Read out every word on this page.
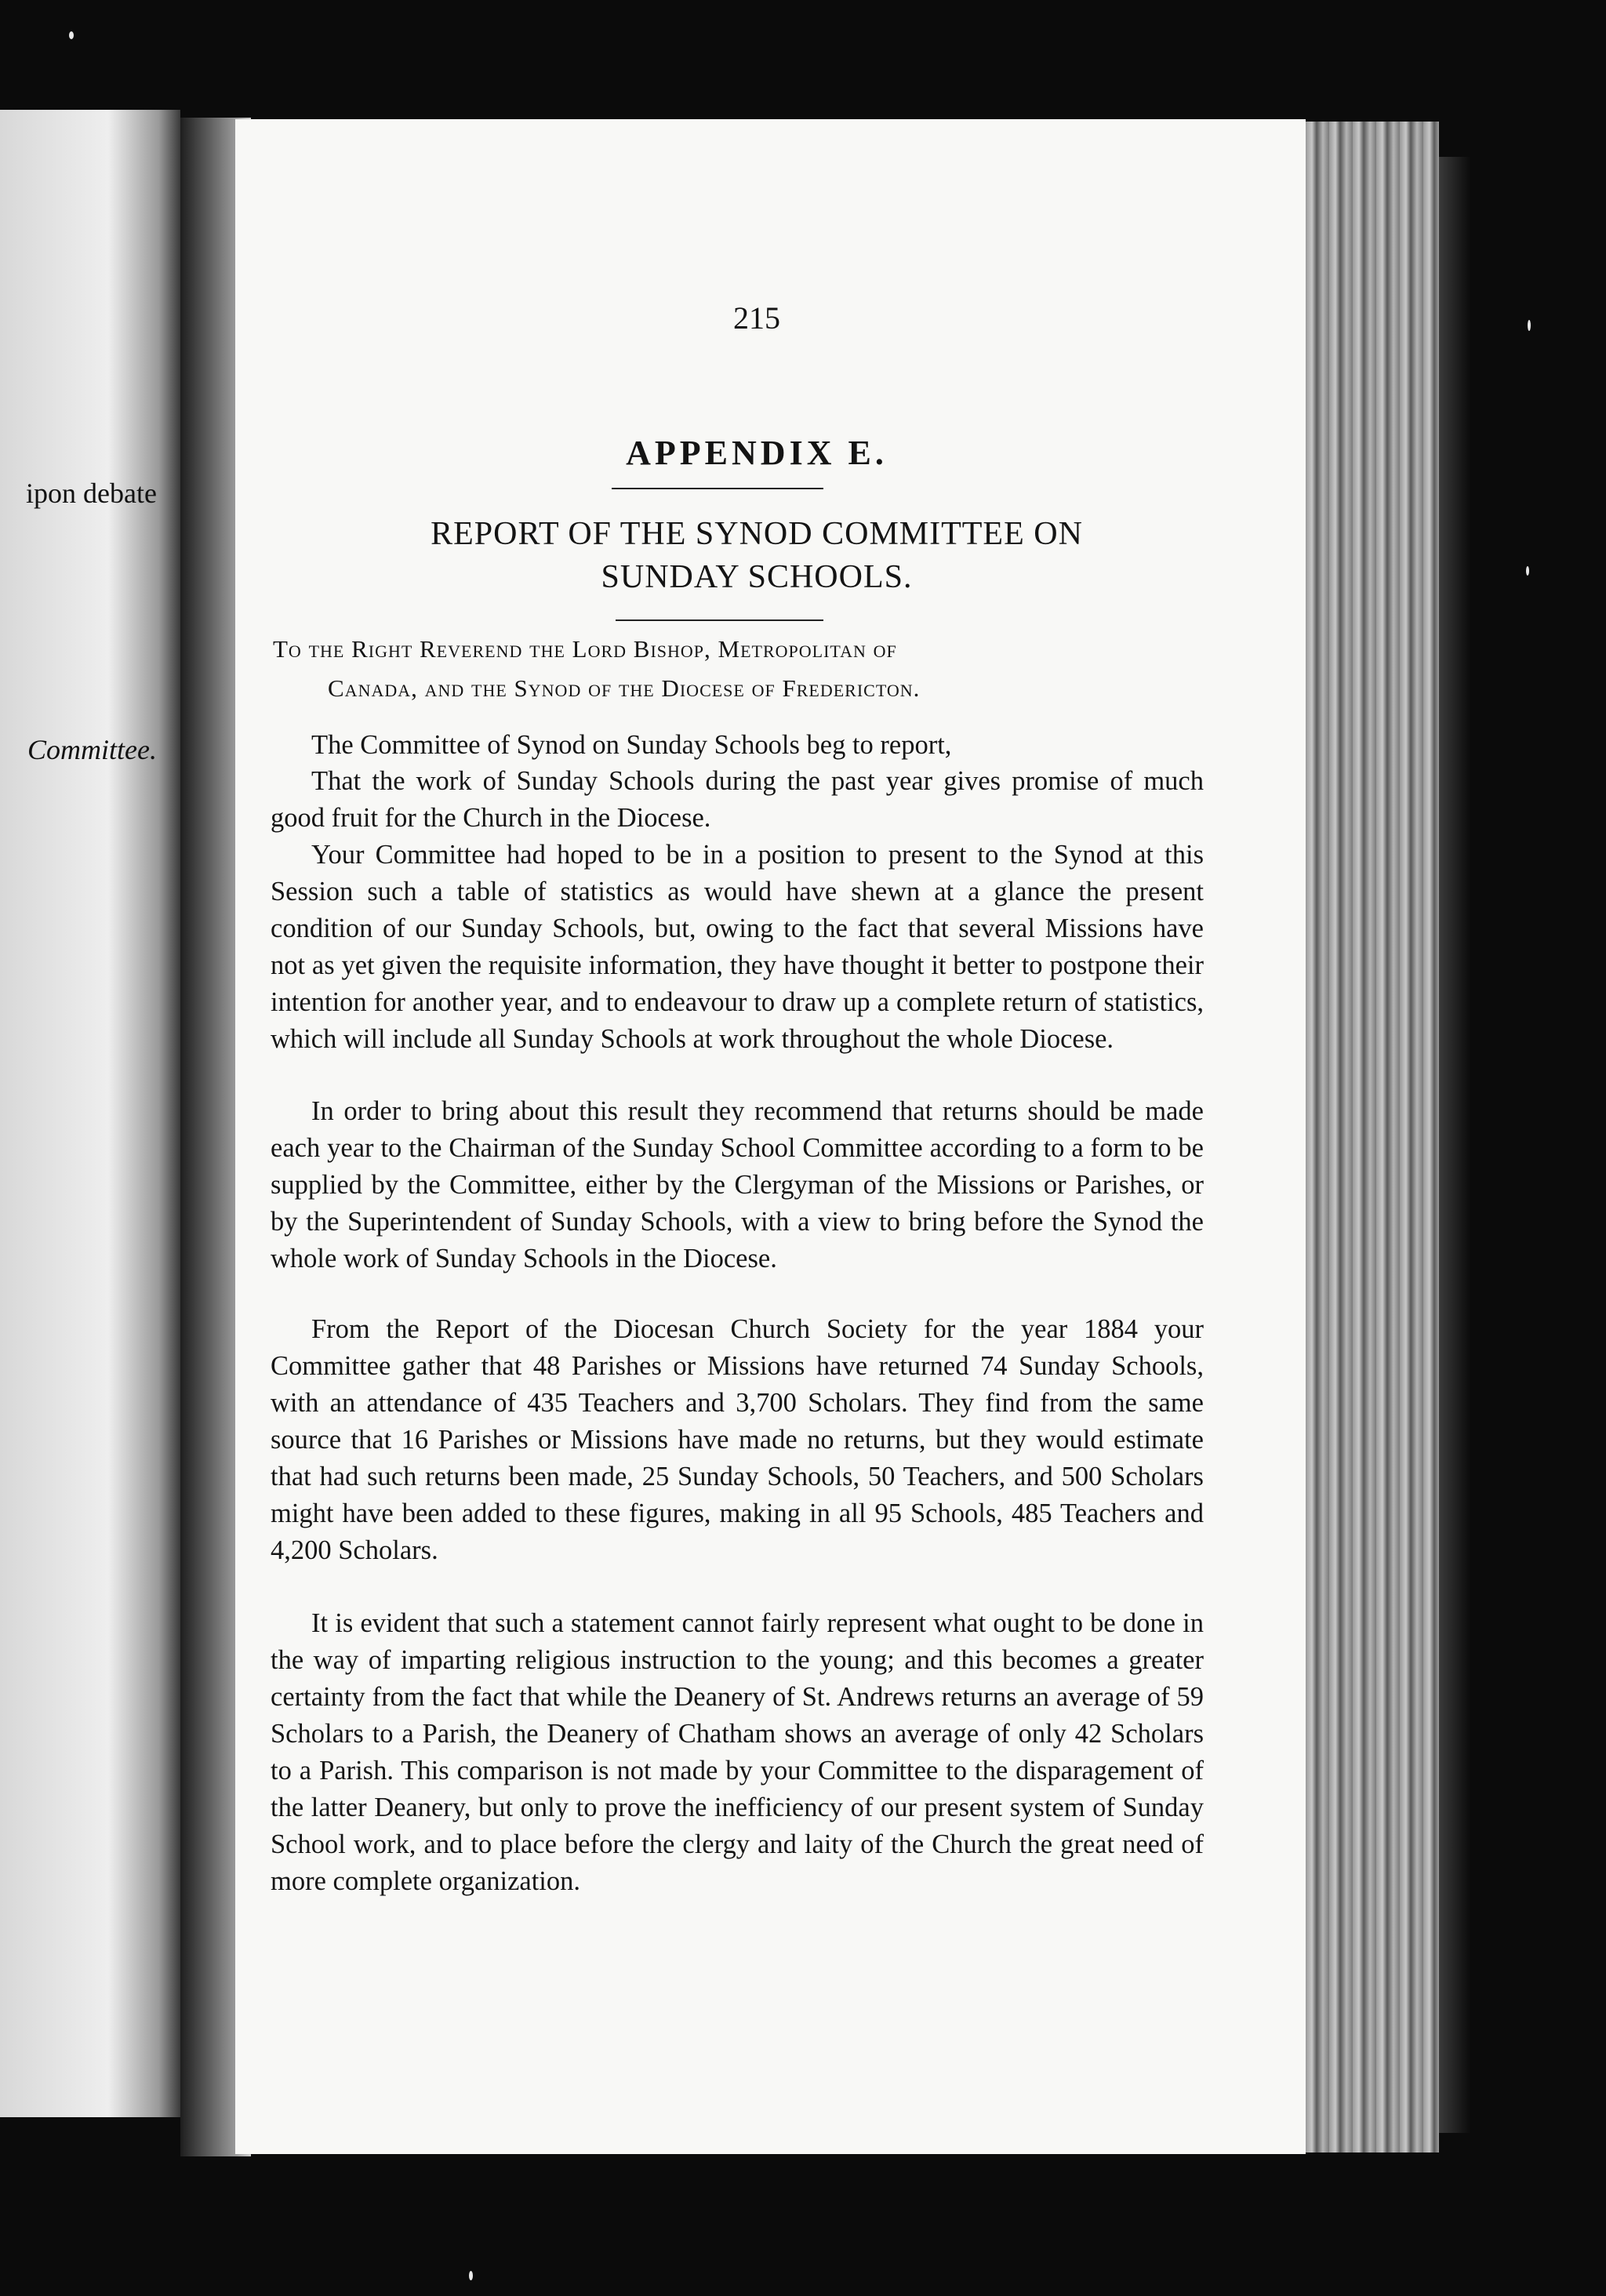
ipon debate
Committee.
215
APPENDIX E.
REPORT OF THE SYNOD COMMITTEE ON
SUNDAY SCHOOLS.
To the Right Reverend the Lord Bishop, Metropolitan of
Canada, and the Synod of the Diocese of Fredericton.
The Committee of Synod on Sunday Schools beg to report,
That the work of Sunday Schools during the past year gives promise of much good fruit for the Church in the Diocese.
Your Committee had hoped to be in a position to present to the Synod at this Session such a table of statistics as would have shewn at a glance the present condition of our Sunday Schools, but, owing to the fact that several Missions have not as yet given the requisite information, they have thought it better to postpone their intention for another year, and to endeavour to draw up a complete return of statistics, which will include all Sunday Schools at work throughout the whole Diocese.
In order to bring about this result they recommend that returns should be made each year to the Chairman of the Sunday School Committee according to a form to be supplied by the Committee, either by the Clergyman of the Missions or Parishes, or by the Superintendent of Sunday Schools, with a view to bring before the Synod the whole work of Sunday Schools in the Diocese.
From the Report of the Diocesan Church Society for the year 1884 your Committee gather that 48 Parishes or Missions have returned 74 Sunday Schools, with an attendance of 435 Teachers and 3,700 Scholars. They find from the same source that 16 Parishes or Missions have made no returns, but they would estimate that had such returns been made, 25 Sunday Schools, 50 Teachers, and 500 Scholars might have been added to these figures, making in all 95 Schools, 485 Teachers and 4,200 Scholars.
It is evident that such a statement cannot fairly represent what ought to be done in the way of imparting religious instruction to the young; and this becomes a greater certainty from the fact that while the Deanery of St. Andrews returns an average of 59 Scholars to a Parish, the Deanery of Chatham shows an average of only 42 Scholars to a Parish. This comparison is not made by your Committee to the disparagement of the latter Deanery, but only to prove the inefficiency of our present system of Sunday School work, and to place before the clergy and laity of the Church the great need of more complete organization.
